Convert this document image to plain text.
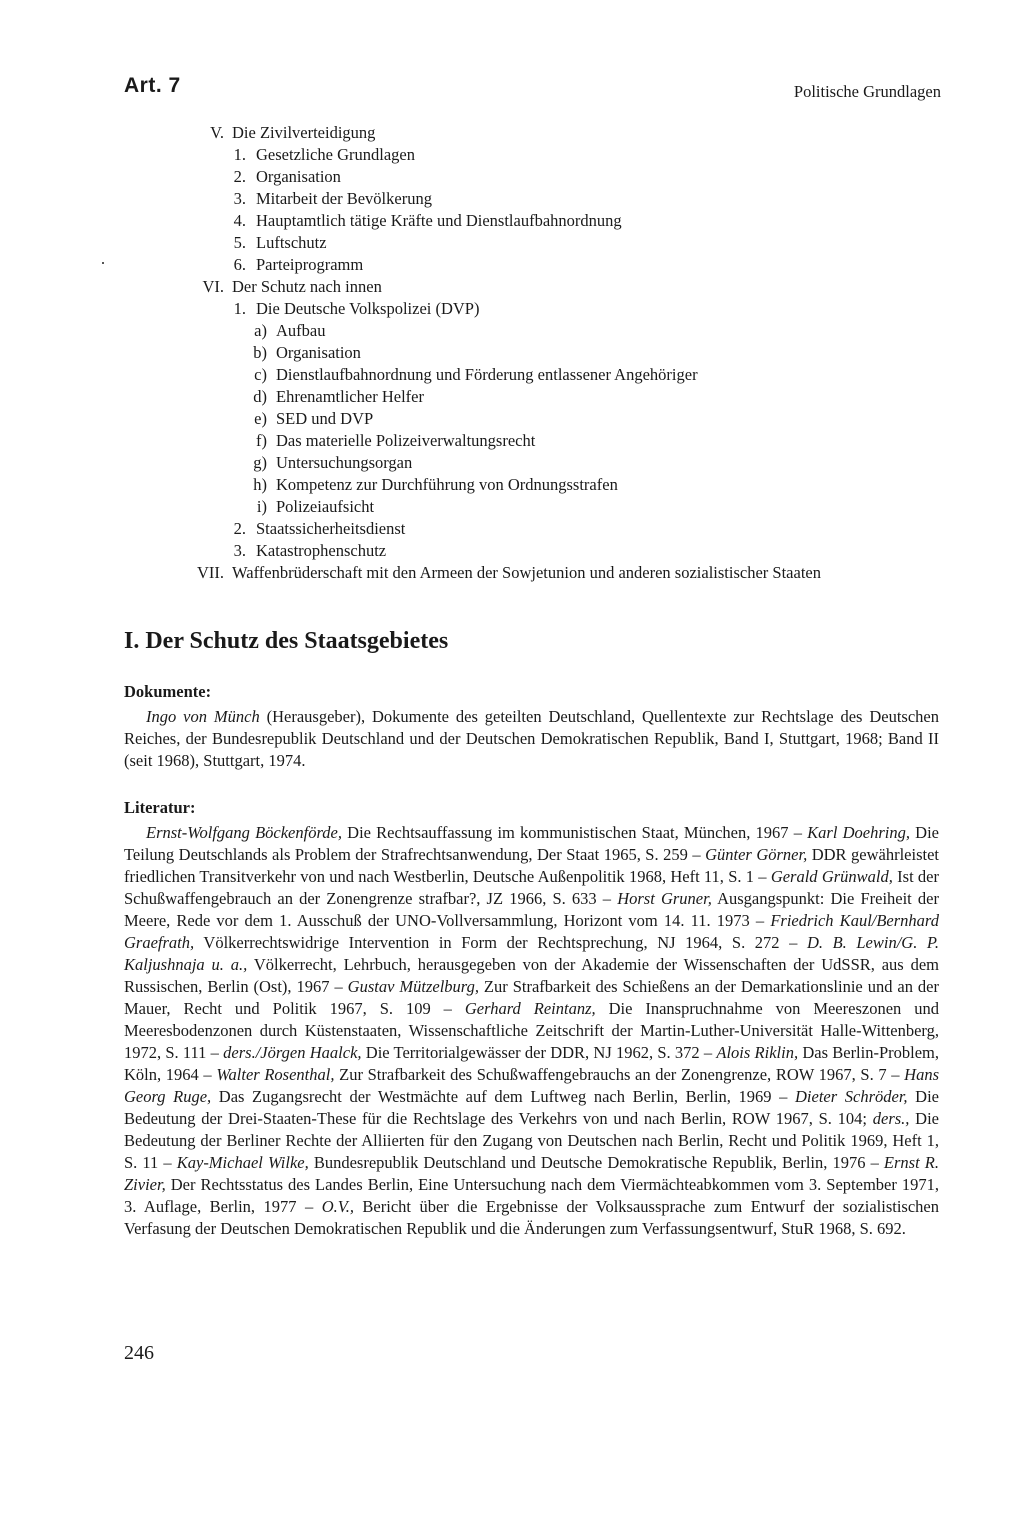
Art. 7	Politische Grundlagen
V. Die Zivilverteidigung
1. Gesetzliche Grundlagen
2. Organisation
3. Mitarbeit der Bevölkerung
4. Hauptamtlich tätige Kräfte und Dienstlaufbahnordnung
5. Luftschutz
6. Parteiprogramm
VI. Der Schutz nach innen
1. Die Deutsche Volkspolizei (DVP)
a) Aufbau
b) Organisation
c) Dienstlaufbahnordnung und Förderung entlassener Angehöriger
d) Ehrenamtlicher Helfer
e) SED und DVP
f) Das materielle Polizeiverwaltungsrecht
g) Untersuchungsorgan
h) Kompetenz zur Durchführung von Ordnungsstrafen
i) Polizeiaufsicht
2. Staatssicherheitsdienst
3. Katastrophenschutz
VII. Waffenbrüderschaft mit den Armeen der Sowjetunion und anderen sozialistischer Staaten
I. Der Schutz des Staatsgebietes
Dokumente:
Ingo von Münch (Herausgeber), Dokumente des geteilten Deutschland, Quellentexte zur Rechtslage des Deutschen Reiches, der Bundesrepublik Deutschland und der Deutschen Demokratischen Republik, Band I, Stuttgart, 1968; Band II (seit 1968), Stuttgart, 1974.
Literatur:
Ernst-Wolfgang Böckenförde, Die Rechtsauffassung im kommunistischen Staat, München, 1967 – Karl Doehring, Die Teilung Deutschlands als Problem der Strafrechtsanwendung, Der Staat 1965, S. 259 – Günter Görner, DDR gewährleistet friedlichen Transitverkehr von und nach Westberlin, Deutsche Außenpolitik 1968, Heft 11, S. 1 – Gerald Grünwald, Ist der Schußwaffengebrauch an der Zonengrenze strafbar?, JZ 1966, S. 633 – Horst Gruner, Ausgangspunkt: Die Freiheit der Meere, Rede vor dem 1. Ausschuß der UNO-Vollversammlung, Horizont vom 14. 11. 1973 – Friedrich Kaul/Bernhard Graefrath, Völkerrechtswidrige Intervention in Form der Rechtsprechung, NJ 1964, S. 272 – D. B. Lewin/G. P. Kaljushnaja u. a., Völkerrecht, Lehrbuch, herausgegeben von der Akademie der Wissenschaften der UdSSR, aus dem Russischen, Berlin (Ost), 1967 – Gustav Mützelburg, Zur Strafbarkeit des Schießens an der Demarkationslinie und an der Mauer, Recht und Politik 1967, S. 109 – Gerhard Reintanz, Die Inanspruchnahme von Meereszonen und Meeresbodenzonen durch Küstenstaaten, Wissenschaftliche Zeitschrift der Martin-Luther-Universität Halle-Wittenberg, 1972, S. 111 – ders./Jörgen Haalck, Die Territorialgewässer der DDR, NJ 1962, S. 372 – Alois Riklin, Das Berlin-Problem, Köln, 1964 – Walter Rosenthal, Zur Strafbarkeit des Schußwaffengebrauchs an der Zonengrenze, ROW 1967, S. 7 – Hans Georg Ruge, Das Zugangsrecht der Westmächte auf dem Luftweg nach Berlin, Berlin, 1969 – Dieter Schröder, Die Bedeutung der Drei-Staaten-These für die Rechtslage des Verkehrs von und nach Berlin, ROW 1967, S. 104; ders., Die Bedeutung der Berliner Rechte der Alliierten für den Zugang von Deutschen nach Berlin, Recht und Politik 1969, Heft 1, S. 11 – Kay-Michael Wilke, Bundesrepublik Deutschland und Deutsche Demokratische Republik, Berlin, 1976 – Ernst R. Zivier, Der Rechtsstatus des Landes Berlin, Eine Untersuchung nach dem Viermächteabkommen vom 3. September 1971, 3. Auflage, Berlin, 1977 – O.V., Bericht über die Ergebnisse der Volksaussprache zum Entwurf der sozialistischen Verfasung der Deutschen Demokratischen Republik und die Änderungen zum Verfassungsentwurf, StuR 1968, S. 692.
246
